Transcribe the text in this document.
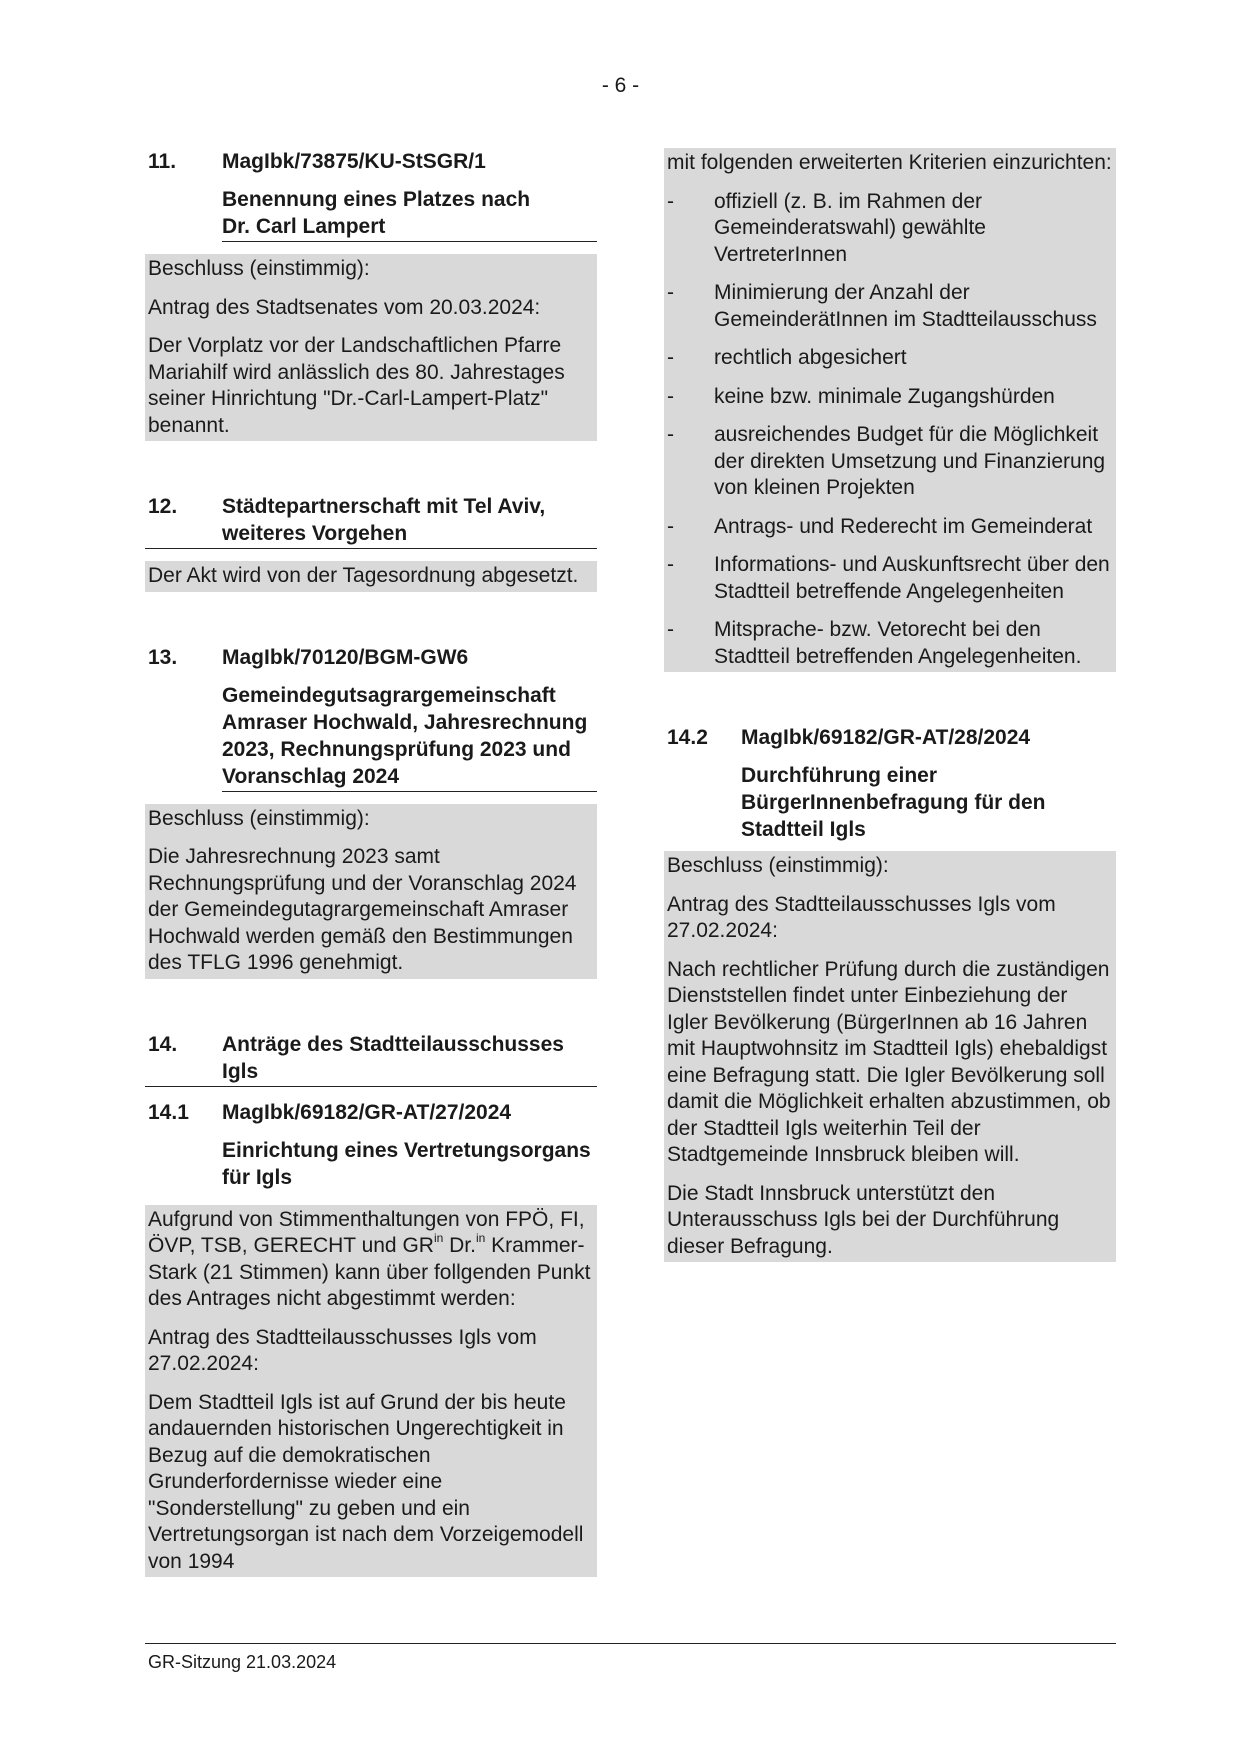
- 6 -
11.	MagIbk/73875/KU-StSGR/1
Benennung eines Platzes nach
Dr. Carl Lampert

Beschluss (einstimmig):

Antrag des Stadtsenates vom 20.03.2024:

Der Vorplatz vor der Landschaftlichen Pfarre Mariahilf wird anlässlich des 80. Jahrestages seiner Hinrichtung "Dr.-Carl-Lampert-Platz" benannt.

12.	Städtepartnerschaft mit Tel Aviv,
weiteres Vorgehen

Der Akt wird von der Tagesordnung abgesetzt.

13.	MagIbk/70120/BGM-GW6
Gemeindegutsagrargemeinschaft
Amraser Hochwald, Jahresrechnung 2023, Rechnungsprüfung 2023 und Voranschlag 2024

Beschluss (einstimmig):

Die Jahresrechnung 2023 samt Rechnungsprüfung und der Voranschlag 2024 der Gemeindegutagrargemeinschaft Amraser Hochwald werden gemäß den Bestimmungen des TFLG 1996 genehmigt.

14.	Anträge des Stadtteilausschusses Igls
14.1	MagIbk/69182/GR-AT/27/2024
Einrichtung eines Vertretungsorgans für Igls

Aufgrund von Stimmenthaltungen von FPÖ, FI, ÖVP, TSB, GERECHT und $GR^{in}$ Dr.$^{in}$ Krammer-Stark (21 Stimmen) kann über follgenden Punkt des Antrages nicht abgestimmt werden:

Antrag des Stadtteilausschusses Igls vom 27.02.2024:

Dem Stadtteil Igls ist auf Grund der bis heute andauernden historischen Ungerechtigkeit in Bezug auf die demokratischen Grunderfordernisse wieder eine "Sonderstellung" zu geben und ein Vertretungsorgan ist nach dem Vorzeigemodell von 1994

mit folgenden erweiterten Kriterien einzurichten:

-	offiziell (z. B. im Rahmen der Gemeinderatswahl) gewählte VertreterInnen
-	Minimierung der Anzahl der GemeinderätInnen im Stadtteilausschuss
-	rechtlich abgesichert
-	keine bzw. minimale Zugangshürden
-	ausreichendes Budget für die Möglichkeit der direkten Umsetzung und Finanzierung von kleinen Projekten
-	Antrags- und Rederecht im Gemeinderat
-	Informations- und Auskunftsrecht über den Stadtteil betreffende Angelegenheiten
-	Mitsprache- bzw. Vetorecht bei den Stadtteil betreffenden Angelegenheiten.
14.2	MagIbk/69182/GR-AT/28/2024
Durchführung einer BürgerInnenbefragung für den Stadtteil Igls

Beschluss (einstimmig):

Antrag des Stadtteilausschusses Igls vom 27.02.2024:

Nach rechtlicher Prüfung durch die zuständigen Dienststellen findet unter Einbeziehung der Igler Bevölkerung (BürgerInnen ab 16 Jahren mit Hauptwohnsitz im Stadtteil Igls) ehebaldigst eine Befragung statt. Die Igler Bevölkerung soll damit die Möglichkeit erhalten abzustimmen, ob der Stadtteil Igls weiterhin Teil der Stadtgemeinde Innsbruck bleiben will.

Die Stadt Innsbruck unterstützt den Unterausschuss Igls bei der Durchführung dieser Befragung.

GR-Sitzung 21.03.2024
